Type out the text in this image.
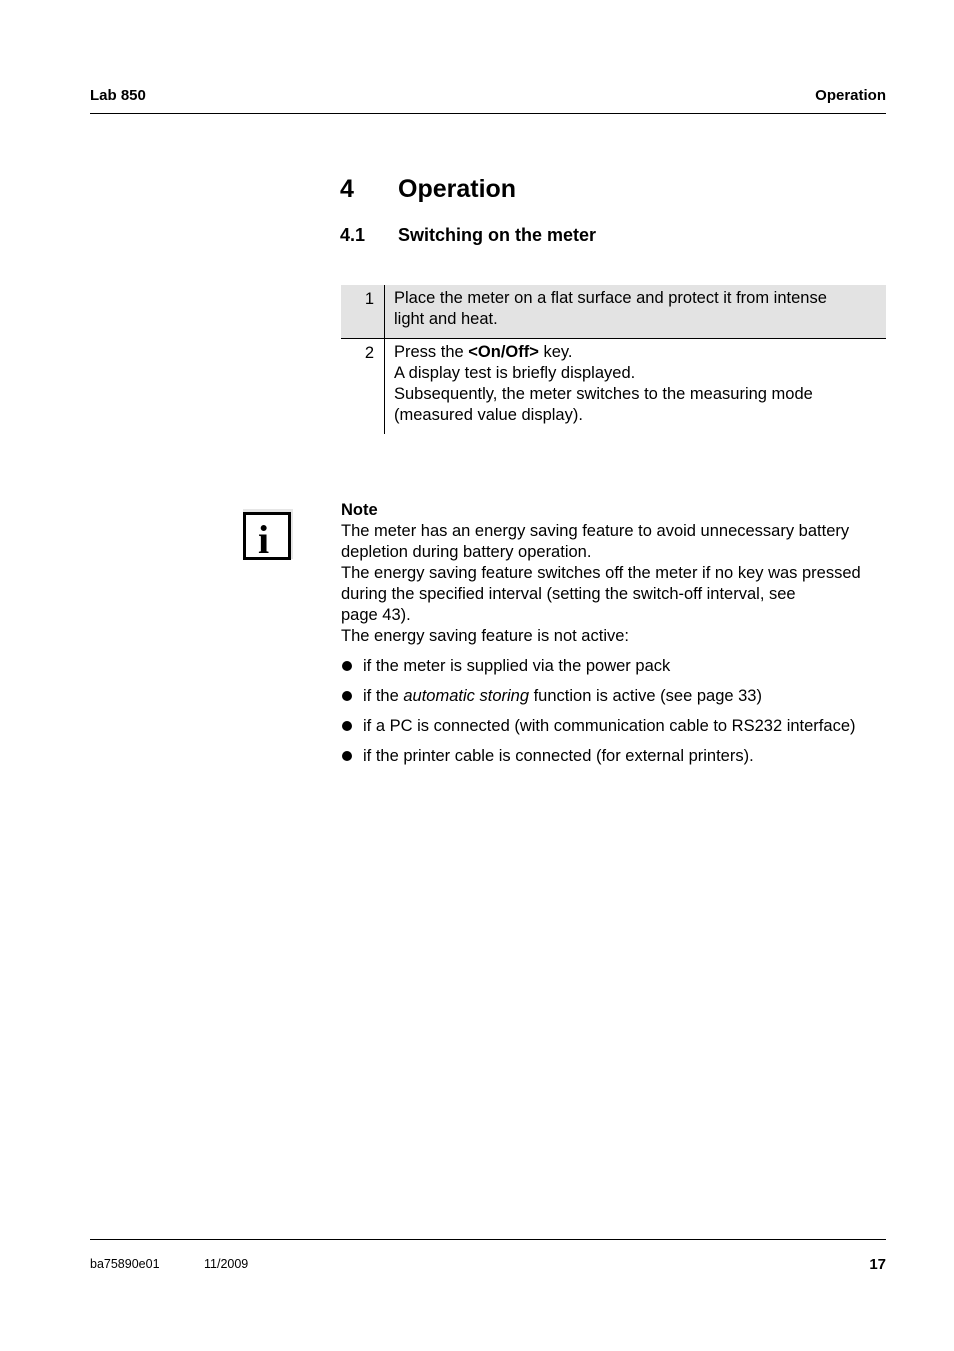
Lab 850	Operation
4 Operation
4.1 Switching on the meter
1	Place the meter on a flat surface and protect it from intense
light and heat.
2	Press the <On/Off> key.
A display test is briefly displayed.
Subsequently, the meter switches to the measuring mode
(measured value display).
i
Note
The meter has an energy saving feature to avoid unnecessary battery
depletion during battery operation.
The energy saving feature switches off the meter if no key was pressed
during the specified interval (setting the switch-off interval, see
page 43).
The energy saving feature is not active:
if the meter is supplied via the power pack
if the automatic storing function is active (see page 33)
if a PC is connected (with communication cable to RS232 interface)
if the printer cable is connected (for external printers).
ba75890e01	11/2009	17
